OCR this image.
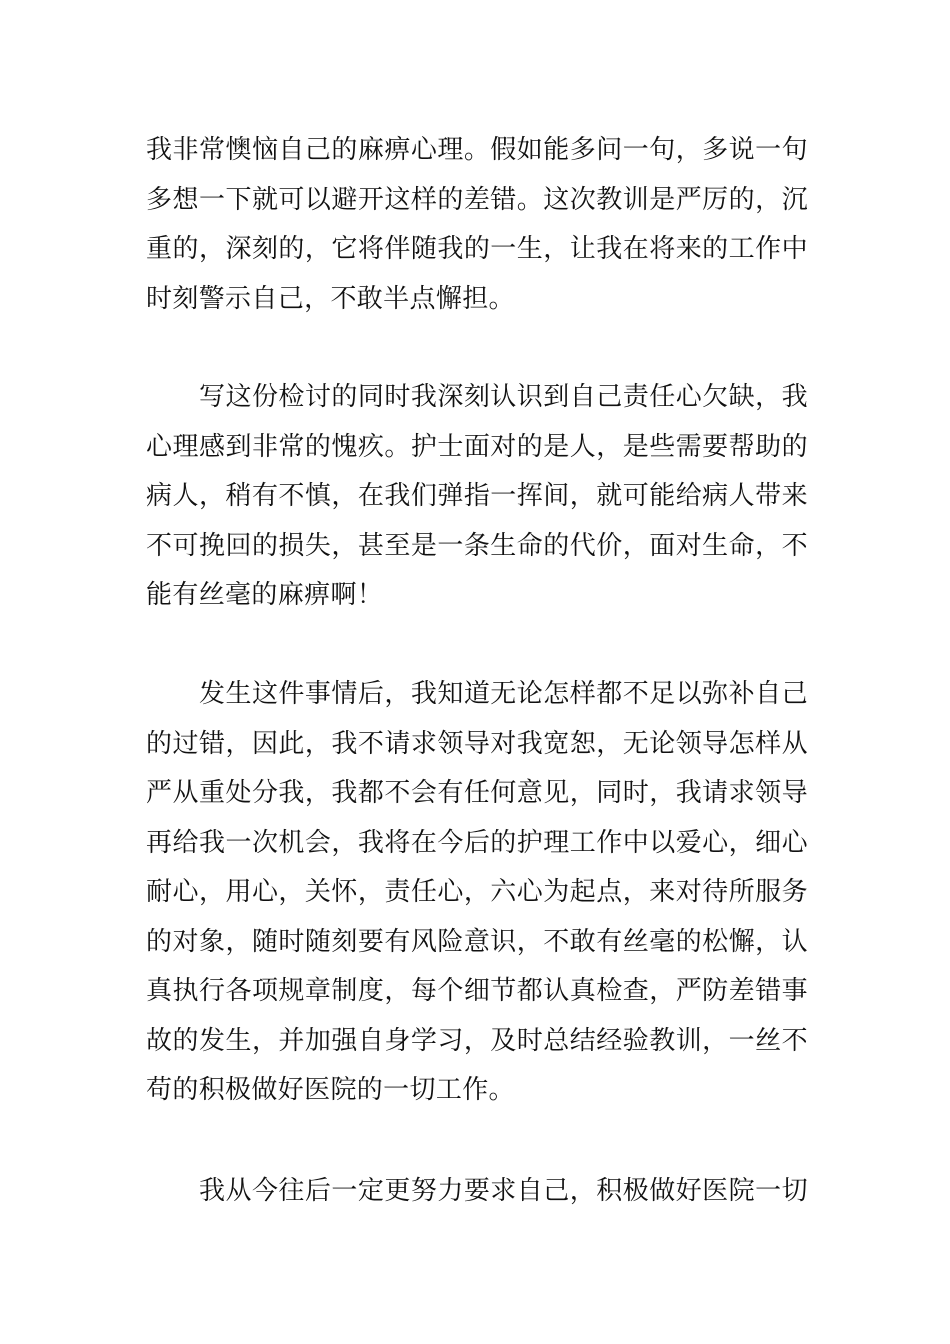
我非常懊恼自己的麻痹心理。假如能多问一句，多说一句
多想一下就可以避开这样的差错。这次教训是严厉的，沉
重的，深刻的，它将伴随我的一生，让我在将来的工作中
时刻警示自己，不敢半点懈担。
　　写这份检讨的同时我深刻认识到自己责任心欠缺，我
心理感到非常的愧疚。护士面对的是人，是些需要帮助的
病人，稍有不慎，在我们弹指一挥间，就可能给病人带来
不可挽回的损失，甚至是一条生命的代价，面对生命，不
能有丝毫的麻痹啊！
　　发生这件事情后，我知道无论怎样都不足以弥补自己
的过错，因此，我不请求领导对我宽恕，无论领导怎样从
严从重处分我，我都不会有任何意见，同时，我请求领导
再给我一次机会，我将在今后的护理工作中以爱心，细心
耐心，用心，关怀，责任心，六心为起点，来对待所服务
的对象，随时随刻要有风险意识，不敢有丝毫的松懈，认
真执行各项规章制度，每个细节都认真检查，严防差错事
故的发生，并加强自身学习，及时总结经验教训，一丝不
苟的积极做好医院的一切工作。
　　我从今往后一定更努力要求自己，积极做好医院一切
